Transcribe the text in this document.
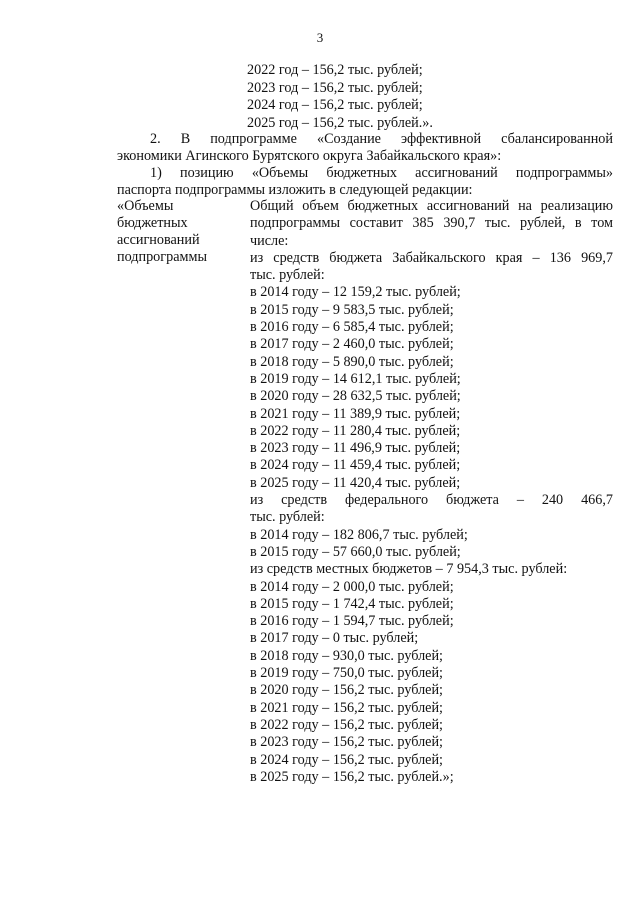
3
2022 год – 156,2 тыс. рублей;
2023 год – 156,2 тыс. рублей;
2024 год – 156,2 тыс. рублей;
2025 год – 156,2 тыс. рублей.».
2. В подпрограмме «Создание эффективной сбалансированной
экономики Агинского Бурятского округа Забайкальского края»:
1) позицию «Объемы бюджетных ассигнований подпрограммы»
паспорта подпрограммы изложить в следующей редакции:
«Объемы
бюджетных
ассигнований
подпрограммы
Общий объем бюджетных ассигнований на реализацию
подпрограммы составит 385 390,7 тыс. рублей, в том
числе:
из средств бюджета Забайкальского края – 136 969,7
тыс. рублей:
в 2014 году – 12 159,2 тыс. рублей;
в 2015 году – 9 583,5 тыс. рублей;
в 2016 году – 6 585,4 тыс. рублей;
в 2017 году – 2 460,0 тыс. рублей;
в 2018 году – 5 890,0 тыс. рублей;
в 2019 году – 14 612,1 тыс. рублей;
в 2020 году – 28 632,5 тыс. рублей;
в 2021 году – 11 389,9 тыс. рублей;
в 2022 году – 11 280,4 тыс. рублей;
в 2023 году – 11 496,9 тыс. рублей;
в 2024 году – 11 459,4 тыс. рублей;
в 2025 году – 11 420,4 тыс. рублей;
из средств федерального бюджета – 240 466,7
тыс. рублей:
в 2014 году – 182 806,7 тыс. рублей;
в 2015 году – 57 660,0 тыс. рублей;
из средств местных бюджетов – 7 954,3 тыс. рублей:
в 2014 году – 2 000,0 тыс. рублей;
в 2015 году – 1 742,4 тыс. рублей;
в 2016 году – 1 594,7 тыс. рублей;
в 2017 году – 0 тыс. рублей;
в 2018 году – 930,0 тыс. рублей;
в 2019 году – 750,0 тыс. рублей;
в 2020 году – 156,2 тыс. рублей;
в 2021 году – 156,2 тыс. рублей;
в 2022 году – 156,2 тыс. рублей;
в 2023 году – 156,2 тыс. рублей;
в 2024 году – 156,2 тыс. рублей;
в 2025 году – 156,2 тыс. рублей.»;
